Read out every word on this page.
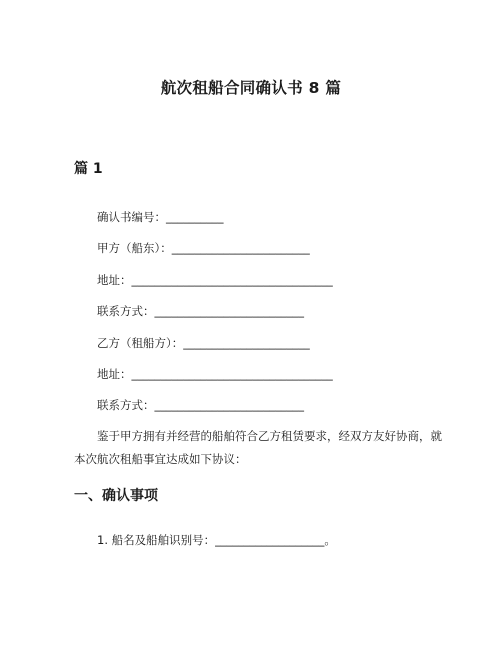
航次租船合同确认书 8 篇
篇 1
确认书编号：__________
甲方（船东）：________________________
地址：___________________________________
联系方式：__________________________
乙方（租船方）：______________________
地址：___________________________________
联系方式：__________________________
鉴于甲方拥有并经营的船舶符合乙方租赁要求，经双方友好协商，就本次航次租船事宜达成如下协议：
一、确认事项
1. 船名及船舶识别号：___________________。
